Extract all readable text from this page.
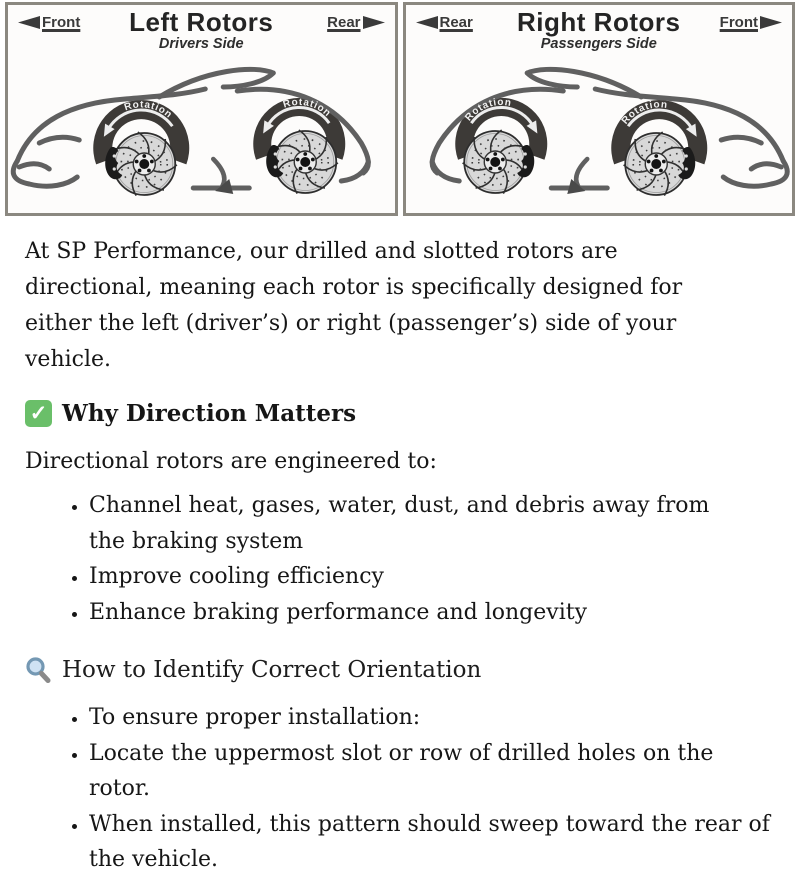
Front	Left Rotors
Drivers Side
Rear
Rotation
Rotation
Rear	Right Rotors
Passengers Side
Front
Rotation
Rotation

At SP Performance, our drilled and slotted rotors are directional, meaning each rotor is specifically designed for either the left (driver’s) or right (passenger’s) side of your vehicle.

✓ Why Direction Matters
Directional rotors are engineered to:
• Channel heat, gases, water, dust, and debris away from the braking system
• Improve cooling efficiency
• Enhance braking performance and longevity
How to Identify Correct Orientation
• To ensure proper installation:
• Locate the uppermost slot or row of drilled holes on the rotor.
• When installed, this pattern should sweep toward the rear of the vehicle.
